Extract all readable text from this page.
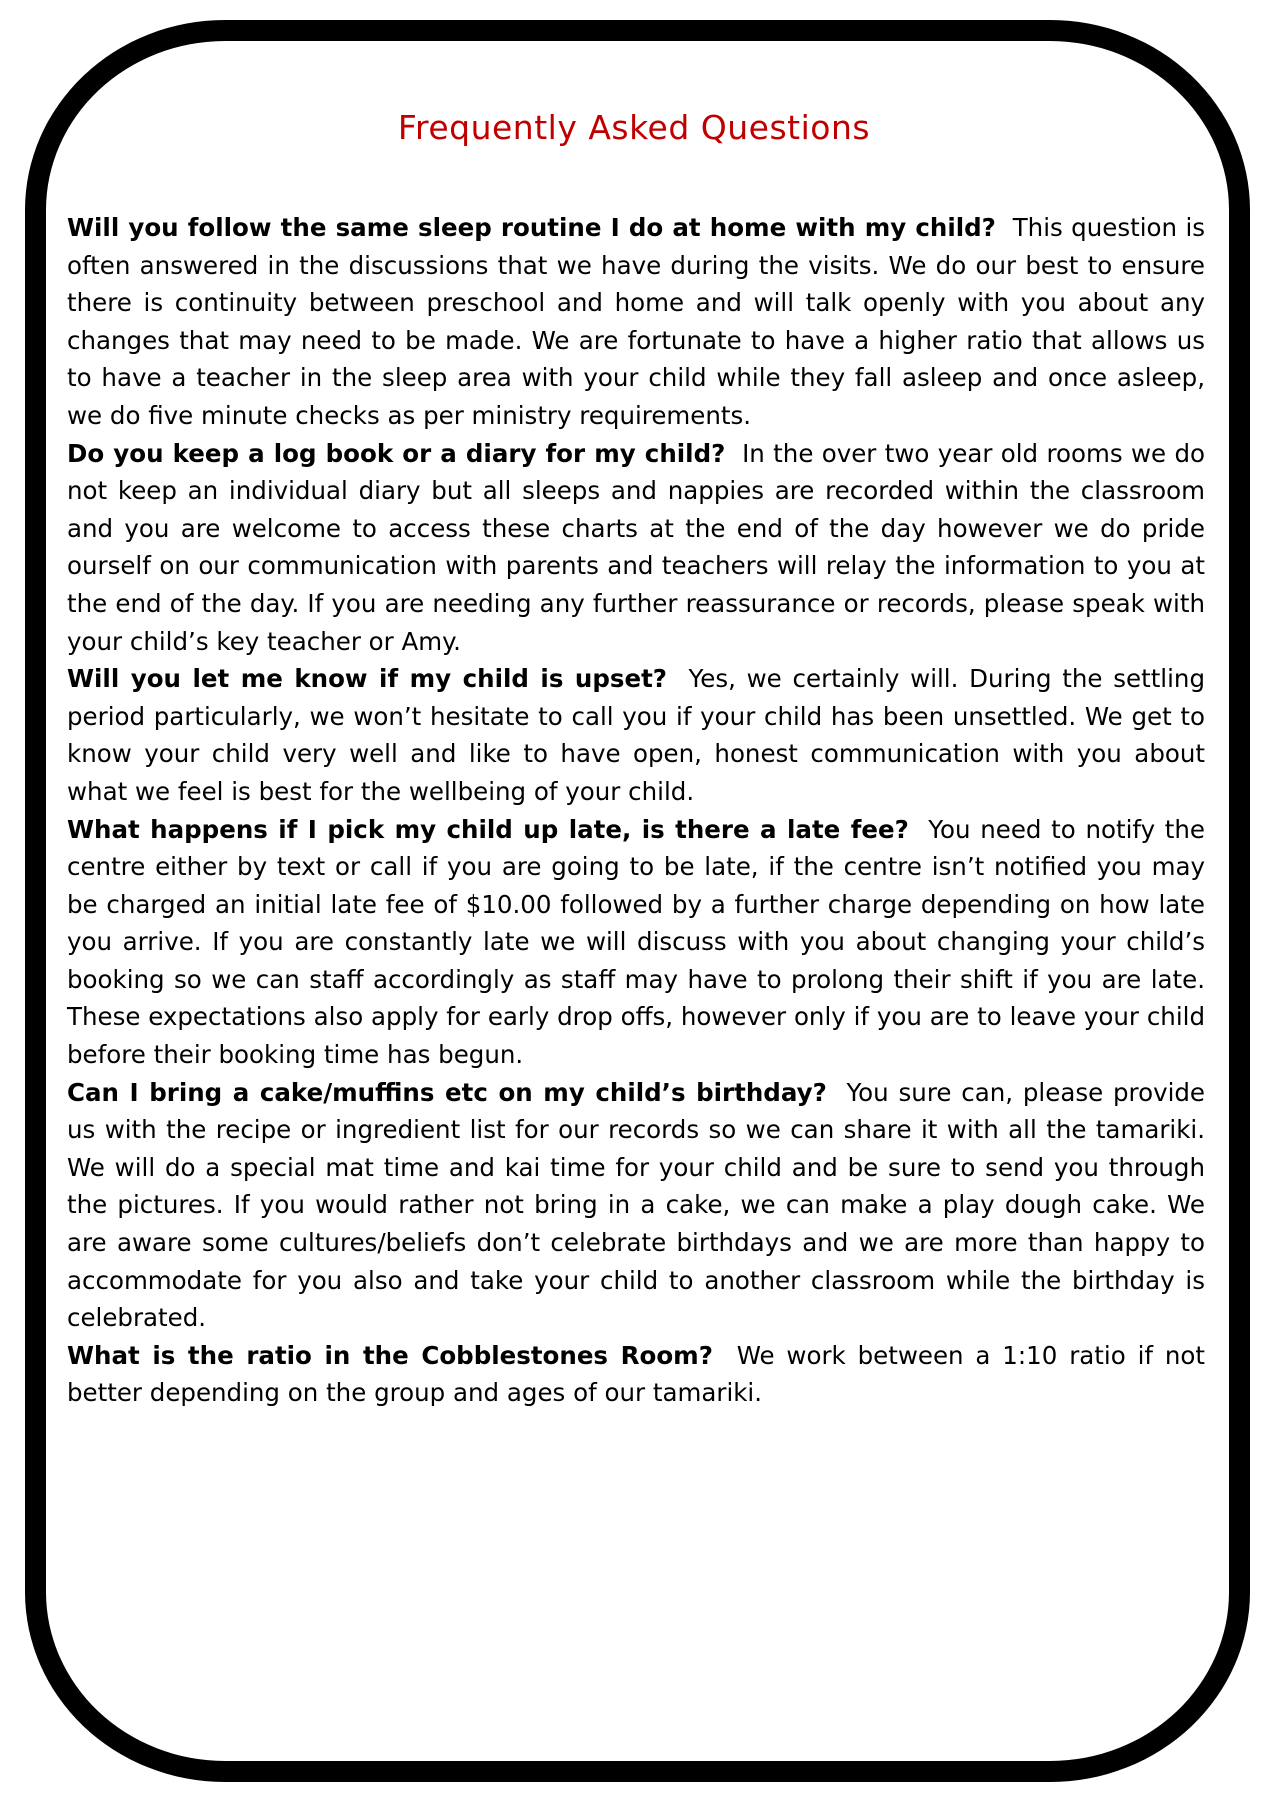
Frequently Asked Questions

Will you follow the same sleep routine I do at home with my child? This question is often answered in the discussions that we have during the visits. We do our best to ensure there is continuity between preschool and home and will talk openly with you about any changes that may need to be made. We are fortunate to have a higher ratio that allows us to have a teacher in the sleep area with your child while they fall asleep and once asleep, we do five minute checks as per ministry requirements.

Do you keep a log book or a diary for my child? In the over two year old rooms we do not keep an individual diary but all sleeps and nappies are recorded within the classroom and you are welcome to access these charts at the end of the day however we do pride ourself on our communication with parents and teachers will relay the information to you at the end of the day. If you are needing any further reassurance or records, please speak with your child’s key teacher or Amy.

Will you let me know if my child is upset? Yes, we certainly will. During the settling period particularly, we won’t hesitate to call you if your child has been unsettled. We get to know your child very well and like to have open, honest communication with you about what we feel is best for the wellbeing of your child.

What happens if I pick my child up late, is there a late fee? You need to notify the centre either by text or call if you are going to be late, if the centre isn’t notified you may be charged an initial late fee of $10.00 followed by a further charge depending on how late you arrive. If you are constantly late we will discuss with you about changing your child’s booking so we can staff accordingly as staff may have to prolong their shift if you are late. These expectations also apply for early drop offs, however only if you are to leave your child before their booking time has begun.

Can I bring a cake/muffins etc on my child’s birthday? You sure can, please provide us with the recipe or ingredient list for our records so we can share it with all the tamariki. We will do a special mat time and kai time for your child and be sure to send you through the pictures. If you would rather not bring in a cake, we can make a play dough cake. We are aware some cultures/beliefs don’t celebrate birthdays and we are more than happy to accommodate for you also and take your child to another classroom while the birthday is celebrated.

What is the ratio in the Cobblestones Room? We work between a 1:10 ratio if not better depending on the group and ages of our tamariki.
